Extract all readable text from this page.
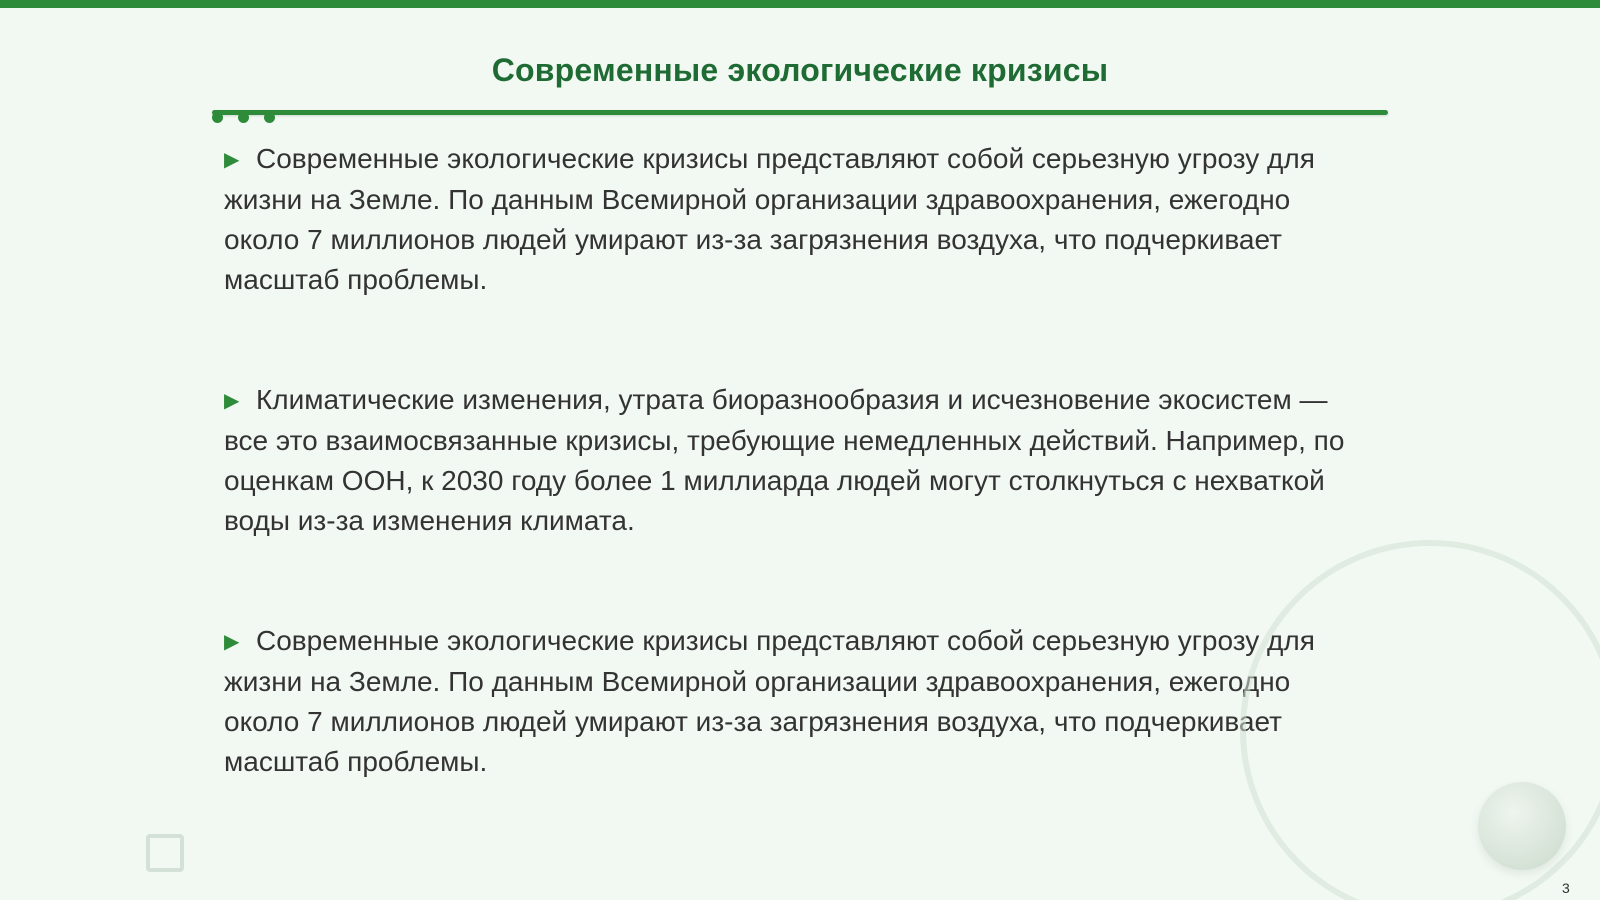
Современные экологические кризисы

▶ Современные экологические кризисы представляют собой серьезную угрозу для жизни на Земле. По данным Всемирной организации здравоохранения, ежегодно около 7 миллионов людей умирают из-за загрязнения воздуха, что подчеркивает масштаб проблемы.

▶ Климатические изменения, утрата биоразнообразия и исчезновение экосистем — все это взаимосвязанные кризисы, требующие немедленных действий. Например, по оценкам ООН, к 2030 году более 1 миллиарда людей могут столкнуться с нехваткой воды из-за изменения климата.

▶ Современные экологические кризисы представляют собой серьезную угрозу для жизни на Земле. По данным Всемирной организации здравоохранения, ежегодно около 7 миллионов людей умирают из-за загрязнения воздуха, что подчеркивает масштаб проблемы.

3
